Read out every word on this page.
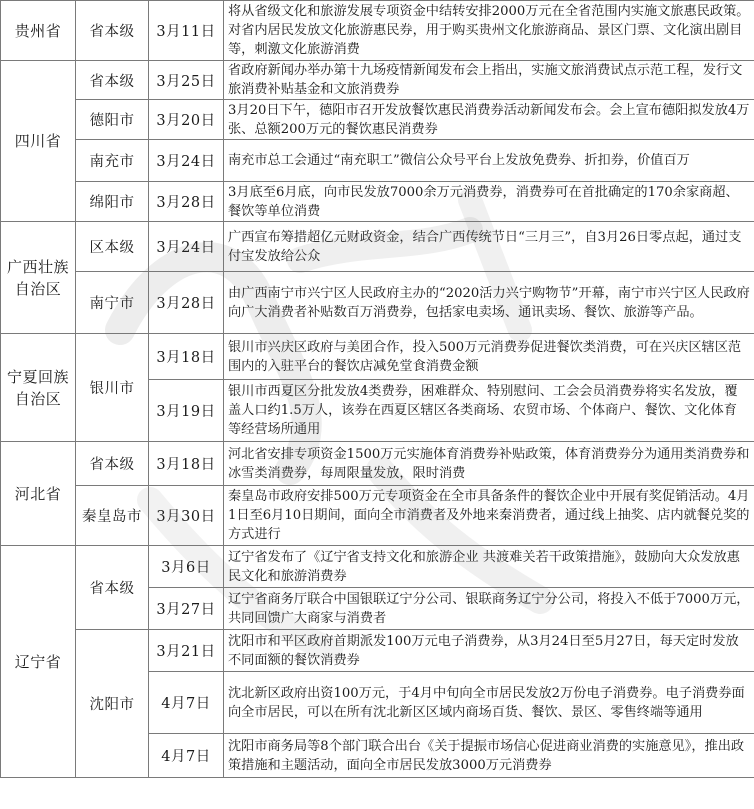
贵州省	省本级	3月11日	将从省级文化和旅游发展专项资金中结转安排2000万元在全省范围内实施文旅惠民政策。对省内居民发放文化旅游惠民券，用于购买贵州文化旅游商品、景区门票、文化演出剧目等，刺激文化旅游消费

四川省	省本级	3月25日	省政府新闻办举办第十九场疫情新闻发布会上指出，实施文旅消费试点示范工程，发行文旅消费补贴基金和文旅消费券

	德阳市	3月20日	3月20日下午，德阳市召开发放餐饮惠民消费券活动新闻发布会。会上宣布德阳拟发放4万张、总额200万元的餐饮惠民消费券

	南充市	3月24日	南充市总工会通过“南充职工”微信公众号平台上发放免费券、折扣券，价值百万

	绵阳市	3月28日	3月底至6月底，向市民发放7000余万元消费券，消费券可在首批确定的170余家商超、餐饮等单位消费

广西壮族
自治区	区本级	3月24日	广西宣布筹措超亿元财政资金，结合广西传统节日“三月三”，自3月26日零点起，通过支付宝发放给公众

	南宁市	3月28日	由广西南宁市兴宁区人民政府主办的“2020活力兴宁购物节”开幕，南宁市兴宁区人民政府向广大消费者补贴数百万消费券，包括家电卖场、通讯卖场、餐饮、旅游等产品。

宁夏回族
自治区	银川市	3月18日	银川市兴庆区政府与美团合作，投入500万元消费券促进餐饮类消费，可在兴庆区辖区范围内的入驻平台的餐饮店减免堂食消费金额

		3月19日	银川市西夏区分批发放4类费券，困难群众、特别慰问、工会会员消费券将实名发放，覆盖人口约1.5万人，该券在西夏区辖区各类商场、农贸市场、个体商户、餐饮、文化体育等经营场所通用

河北省	省本级	3月18日	河北省安排专项资金1500万元实施体育消费券补贴政策，体育消费券分为通用类消费券和冰雪类消费券，每周限量发放，限时消费

	秦皇岛市	3月30日	秦皇岛市政府安排500万元专项资金在全市具备条件的餐饮企业中开展有奖促销活动。4月1日至6月10日期间，面向全市消费者及外地来秦消费者，通过线上抽奖、店内就餐兑奖的方式进行

辽宁省	省本级	3月6日	辽宁省发布了《辽宁省支持文化和旅游企业 共渡难关若干政策措施》，鼓励向大众发放惠民文化和旅游消费券

		3月27日	辽宁省商务厅联合中国银联辽宁分公司、银联商务辽宁分公司，将投入不低于7000万元，共同回馈广大商家与消费者

	沈阳市	3月21日	沈阳市和平区政府首期派发100万元电子消费券，从3月24日至5月27日，每天定时发放不同面额的餐饮消费券

		4月7日	沈北新区政府出资100万元，于4月中旬向全市居民发放2万份电子消费券。电子消费券面向全市居民，可以在所有沈北新区区域内商场百货、餐饮、景区、零售终端等通用

		4月7日	沈阳市商务局等8个部门联合出台《关于提振市场信心促进商业消费的实施意见》，推出政策措施和主题活动，面向全市居民发放3000万元消费券
